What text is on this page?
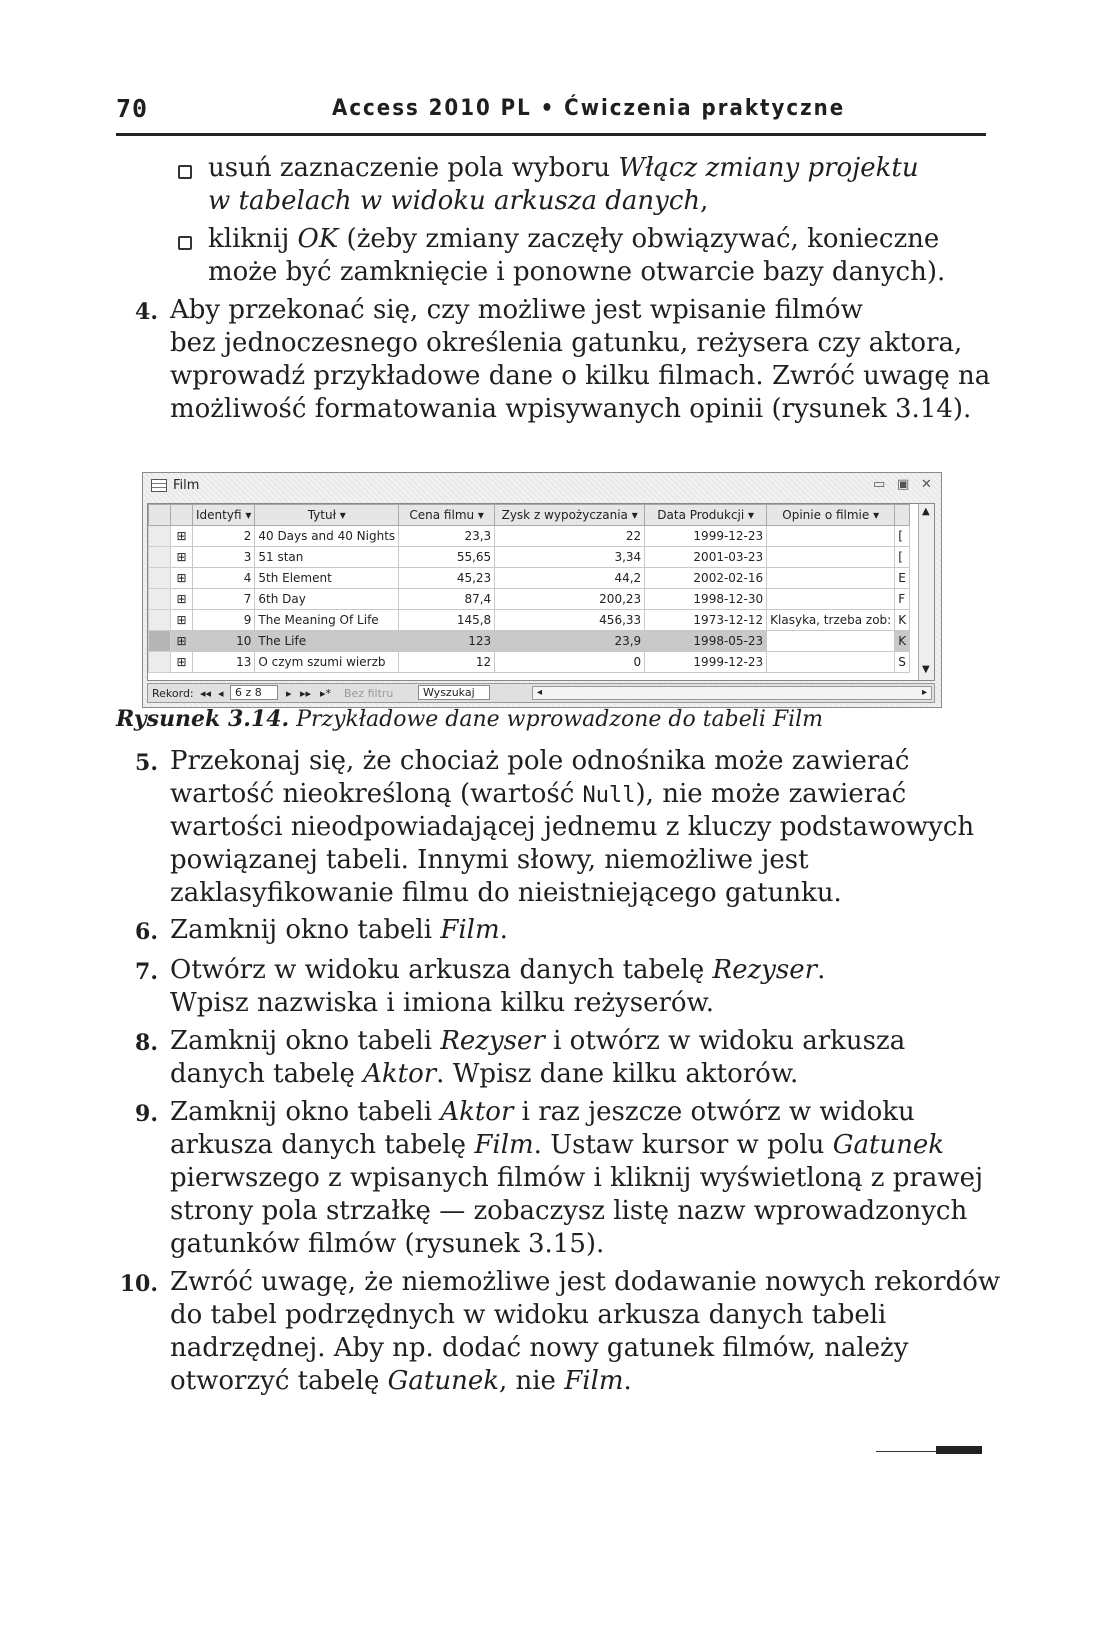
70	Access 2010 PL • Ćwiczenia praktyczne
usuń zaznaczenie pola wyboru Włącz zmiany projektu
w tabelach w widoku arkusza danych,
kliknij OK (żeby zmiany zaczęły obwiązywać, konieczne
może być zamknięcie i ponowne otwarcie bazy danych).
4. Aby przekonać się, czy możliwe jest wpisanie filmów
bez jednoczesnego określenia gatunku, reżysera czy aktora,
wprowadź przykładowe dane o kilku filmach. Zwróć uwagę na
możliwość formatowania wpisywanych opinii (rysunek 3.14).
Film	▭ ▣ ✕
		Identyfi ▾	Tytuł ▾	Cena filmu ▾	Zysk z wypożyczania ▾	Data Produkcji ▾	Opinie o filmie ▾	
	⊞	2	40 Days and 40 Nights	23,3	22	1999-12-23		[
	⊞	3	51 stan	55,65	3,34	2001-03-23		[
	⊞	4	5th Element	45,23	44,2	2002-02-16		E
	⊞	7	6th Day	87,4	200,23	1998-12-30		F
	⊞	9	The Meaning Of Life	145,8	456,33	1973-12-12	Klasyka, trzeba zob:	K
	⊞	10	The Life	123	23,9	1998-05-23		K
	⊞	13	O czym szumi wierzb	12	0	1999-12-23		S
▲
▼
Rekord: ◂◂ ◂	6 z 8	▸ ▸▸ ▸* Bez filtru	Wyszukaj	◂	▸
Rysunek 3.14. Przykładowe dane wprowadzone do tabeli Film
5. Przekonaj się, że chociaż pole odnośnika może zawierać
wartość nieokreśloną (wartość Null), nie może zawierać
wartości nieodpowiadającej jednemu z kluczy podstawowych
powiązanej tabeli. Innymi słowy, niemożliwe jest
zaklasyfikowanie filmu do nieistniejącego gatunku.
6. Zamknij okno tabeli Film.
7. Otwórz w widoku arkusza danych tabelę Rezyser.
Wpisz nazwiska i imiona kilku reżyserów.
8. Zamknij okno tabeli Rezyser i otwórz w widoku arkusza
danych tabelę Aktor. Wpisz dane kilku aktorów.
9. Zamknij okno tabeli Aktor i raz jeszcze otwórz w widoku
arkusza danych tabelę Film. Ustaw kursor w polu Gatunek
pierwszego z wpisanych filmów i kliknij wyświetloną z prawej
strony pola strzałkę — zobaczysz listę nazw wprowadzonych
gatunków filmów (rysunek 3.15).
10. Zwróć uwagę, że niemożliwe jest dodawanie nowych rekordów
do tabel podrzędnych w widoku arkusza danych tabeli
nadrzędnej. Aby np. dodać nowy gatunek filmów, należy
otworzyć tabelę Gatunek, nie Film.
